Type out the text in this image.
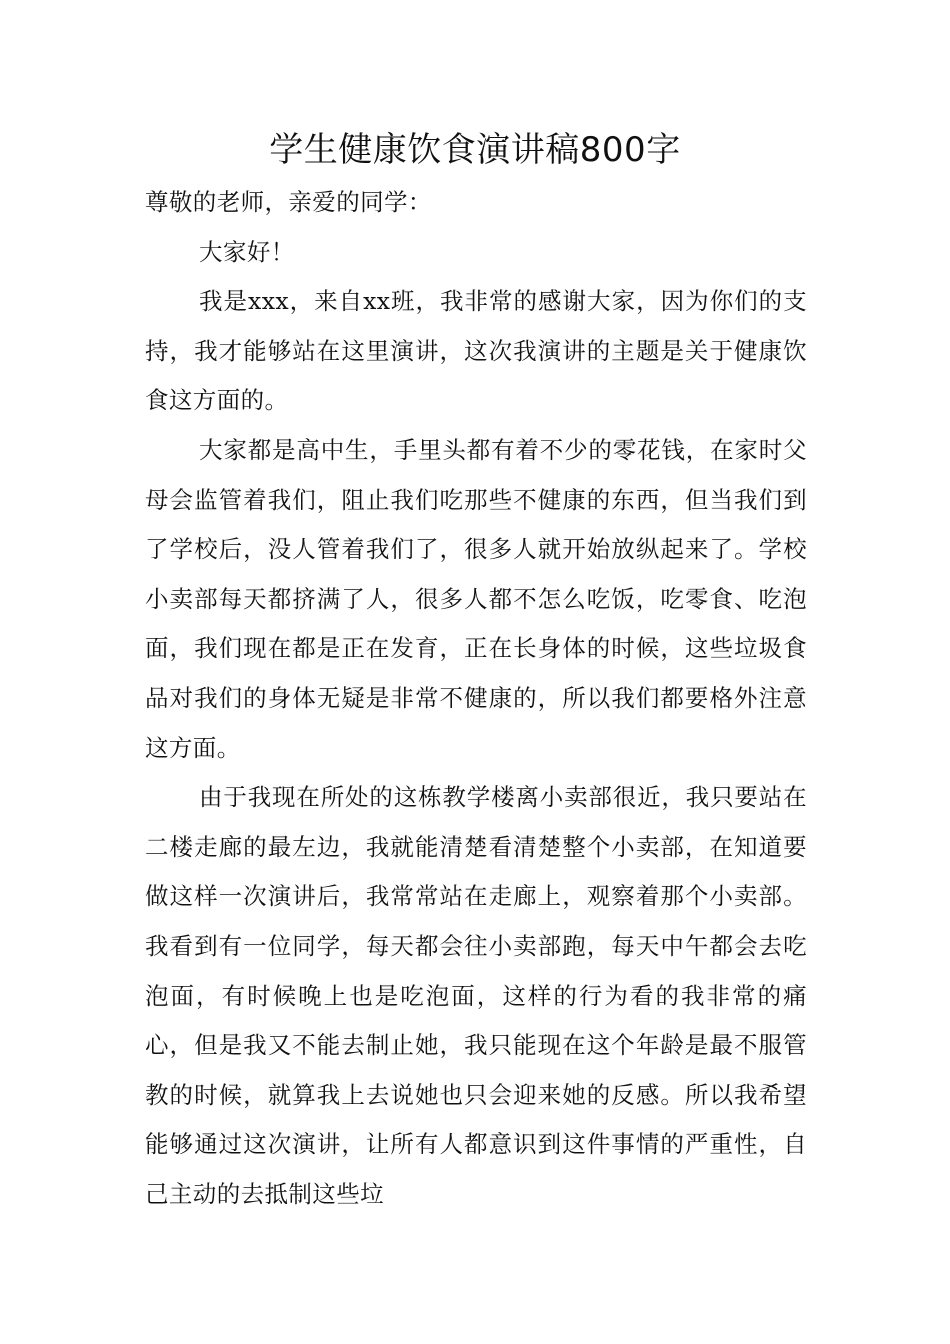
学生健康饮食演讲稿800字

尊敬的老师，亲爱的同学：

大家好！

我是xxx，来自xx班，我非常的感谢大家，因为你们的支持，我才能够站在这里演讲，这次我演讲的主题是关于健康饮食这方面的。

大家都是高中生，手里头都有着不少的零花钱，在家时父母会监管着我们，阻止我们吃那些不健康的东西，但当我们到了学校后，没人管着我们了，很多人就开始放纵起来了。学校小卖部每天都挤满了人，很多人都不怎么吃饭，吃零食、吃泡面，我们现在都是正在发育，正在长身体的时候，这些垃圾食品对我们的身体无疑是非常不健康的，所以我们都要格外注意这方面。

由于我现在所处的这栋教学楼离小卖部很近，我只要站在二楼走廊的最左边，我就能清楚看清楚整个小卖部，在知道要做这样一次演讲后，我常常站在走廊上，观察着那个小卖部。我看到有一位同学，每天都会往小卖部跑，每天中午都会去吃泡面，有时候晚上也是吃泡面，这样的行为看的我非常的痛心，但是我又不能去制止她，我只能现在这个年龄是最不服管教的时候，就算我上去说她也只会迎来她的反感。所以我希望能够通过这次演讲，让所有人都意识到这件事情的严重性，自己主动的去抵制这些垃
